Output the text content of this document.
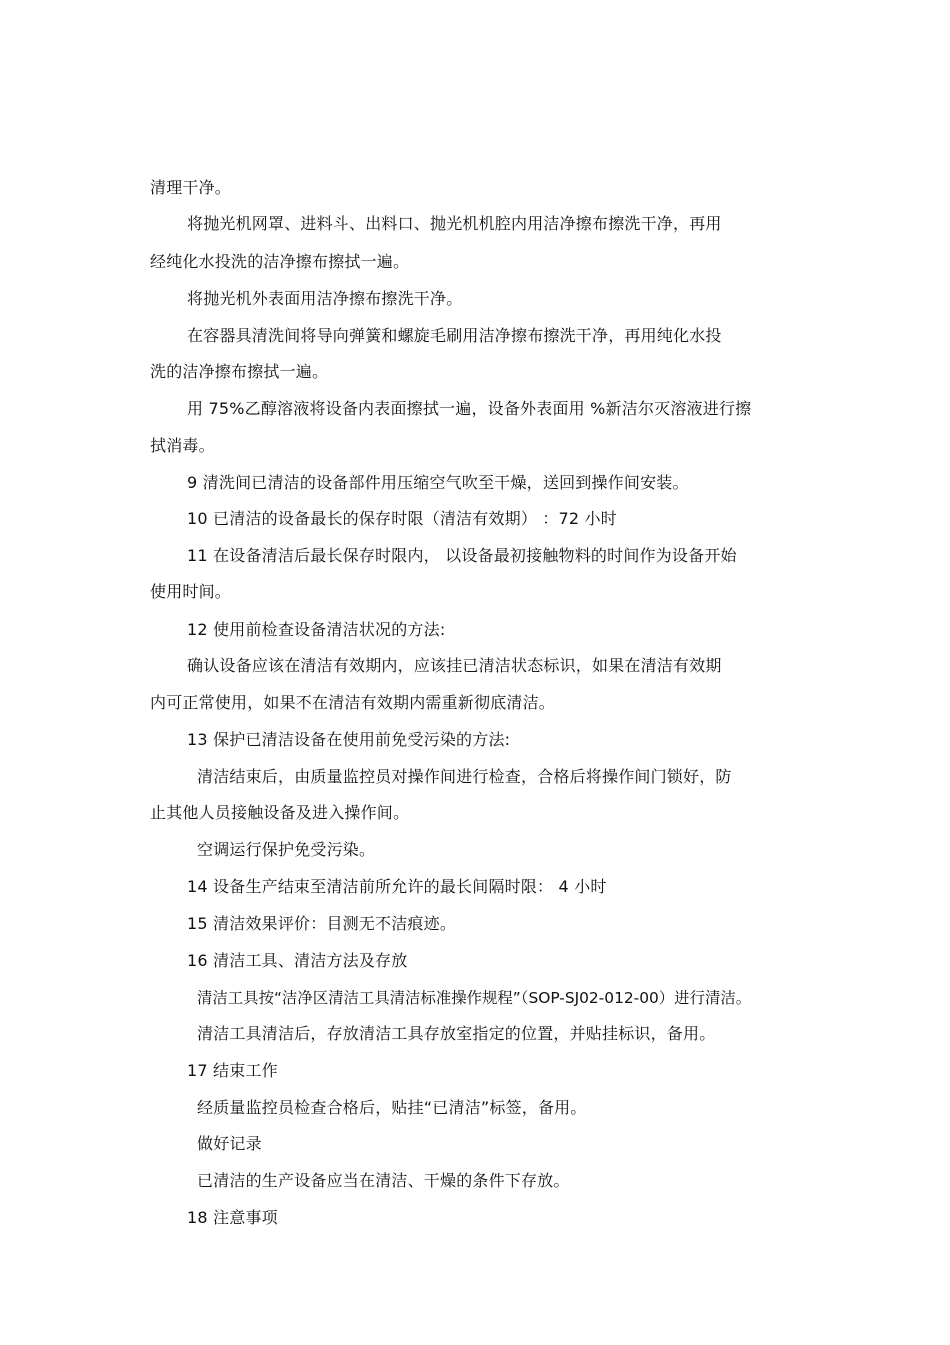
清理干净。
将抛光机网罩、进料斗、出料口、抛光机机腔内用洁净擦布擦洗干净，再用
经纯化水投洗的洁净擦布擦拭一遍。
将抛光机外表面用洁净擦布擦洗干净。
在容器具清洗间将导向弹簧和螺旋毛刷用洁净擦布擦洗干净，再用纯化水投
洗的洁净擦布擦拭一遍。
用 75%乙醇溶液将设备内表面擦拭一遍，设备外表面用 %新洁尔灭溶液进行擦
拭消毒。
9 清洗间已清洁的设备部件用压缩空气吹至干燥，送回到操作间安装。
10 已清洁的设备最长的保存时限（清洁有效期） ：72 小时
11 在设备清洁后最长保存时限内， 以设备最初接触物料的时间作为设备开始
使用时间。
12 使用前检查设备清洁状况的方法:
确认设备应该在清洁有效期内，应该挂已清洁状态标识，如果在清洁有效期
内可正常使用，如果不在清洁有效期内需重新彻底清洁。
13 保护已清洁设备在使用前免受污染的方法:
清洁结束后，由质量监控员对操作间进行检查，合格后将操作间门锁好，防
止其他人员接触设备及进入操作间。
空调运行保护免受污染。
14 设备生产结束至清洁前所允许的最长间隔时限： 4 小时
15 清洁效果评价：目测无不洁痕迹。
16 清洁工具、清洁方法及存放
清洁工具按“洁净区清洁工具清洁标准操作规程”（SOP-SJ02-012-00）进行清洁。
清洁工具清洁后，存放清洁工具存放室指定的位置，并贴挂标识，备用。
17 结束工作
经质量监控员检查合格后，贴挂“已清洁”标签，备用。
做好记录
已清洁的生产设备应当在清洁、干燥的条件下存放。
18 注意事项
